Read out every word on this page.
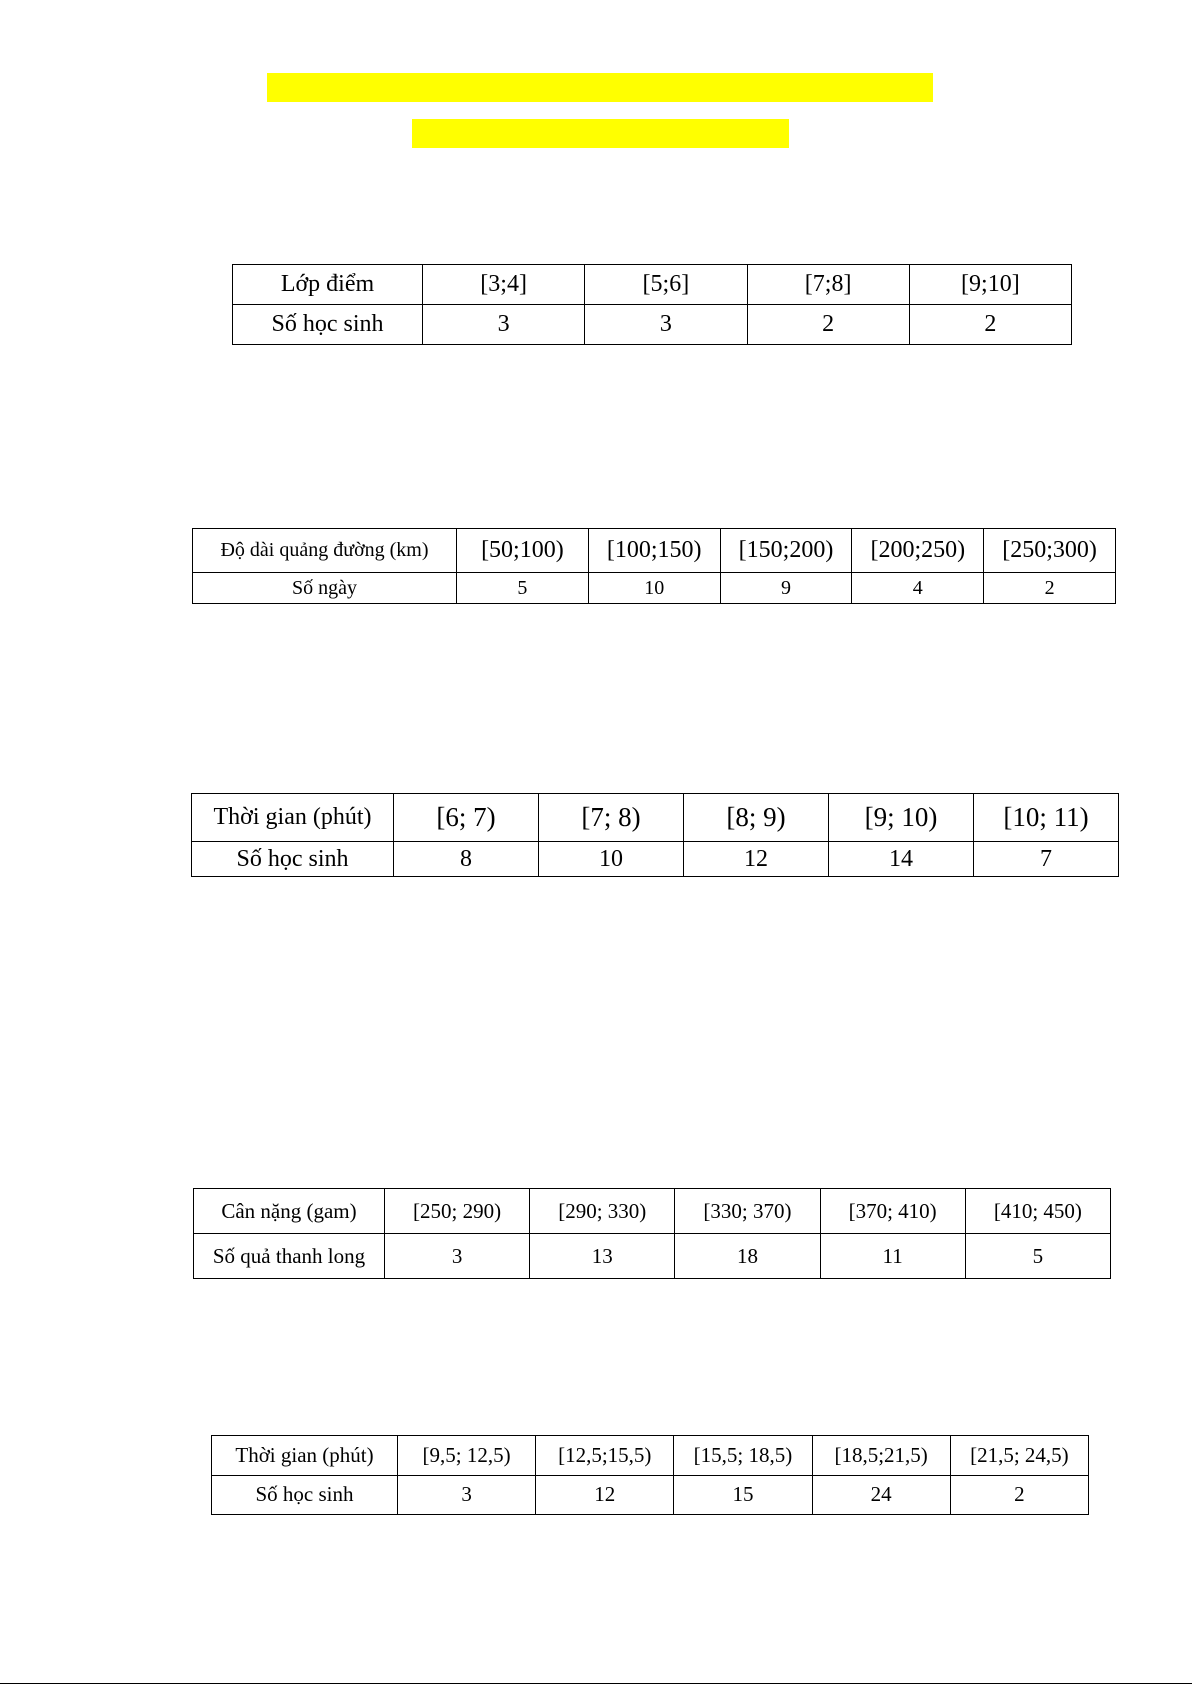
Lớp điểm	[3;4]	[5;6]	[7;8]	[9;10]
Số học sinh	3	3	2	2
Độ dài quảng đường (km)	[50;100)	[100;150)	[150;200)	[200;250)	[250;300)
Số ngày	5	10	9	4	2
Thời gian (phút)	[6; 7)	[7; 8)	[8; 9)	[9; 10)	[10; 11)
Số học sinh	8	10	12	14	7
Cân nặng (gam)	[250; 290)	[290; 330)	[330; 370)	[370; 410)	[410; 450)
Số quả thanh long	3	13	18	11	5
Thời gian (phút)	[9,5; 12,5)	[12,5;15,5)	[15,5; 18,5)	[18,5;21,5)	[21,5; 24,5)
Số học sinh	3	12	15	24	2
